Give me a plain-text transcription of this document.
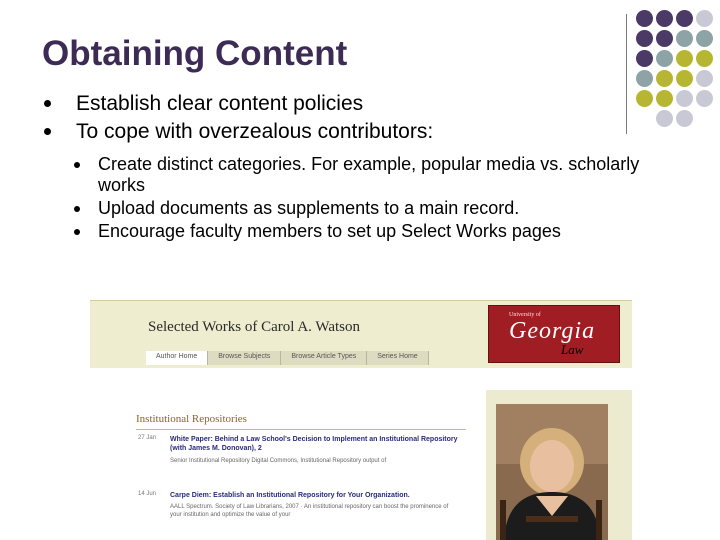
Obtaining Content
Establish clear content policies
To cope with overzealous contributors:
Create distinct categories. For example, popular media vs. scholarly works
Upload documents as supplements to a main record.
Encourage faculty members to set up Select Works pages
Selected Works of Carol A. Watson
Author Home	Browse Subjects	Browse Article Types	Series Home
University of
Georgia
Law
Institutional Repositories
27 Jan White Paper: Behind a Law School's Decision to Implement an Institutional Repository (with James M. Donovan), 2
Senior Institutional Repository Digital Commons, Institutional Repository output of
14 Jun Carpe Diem: Establish an Institutional Repository for Your Organization.
AALL Spectrum. Society of Law Librarians, 2007 · An institutional repository can boost the prominence of your institution and optimize the value of your
